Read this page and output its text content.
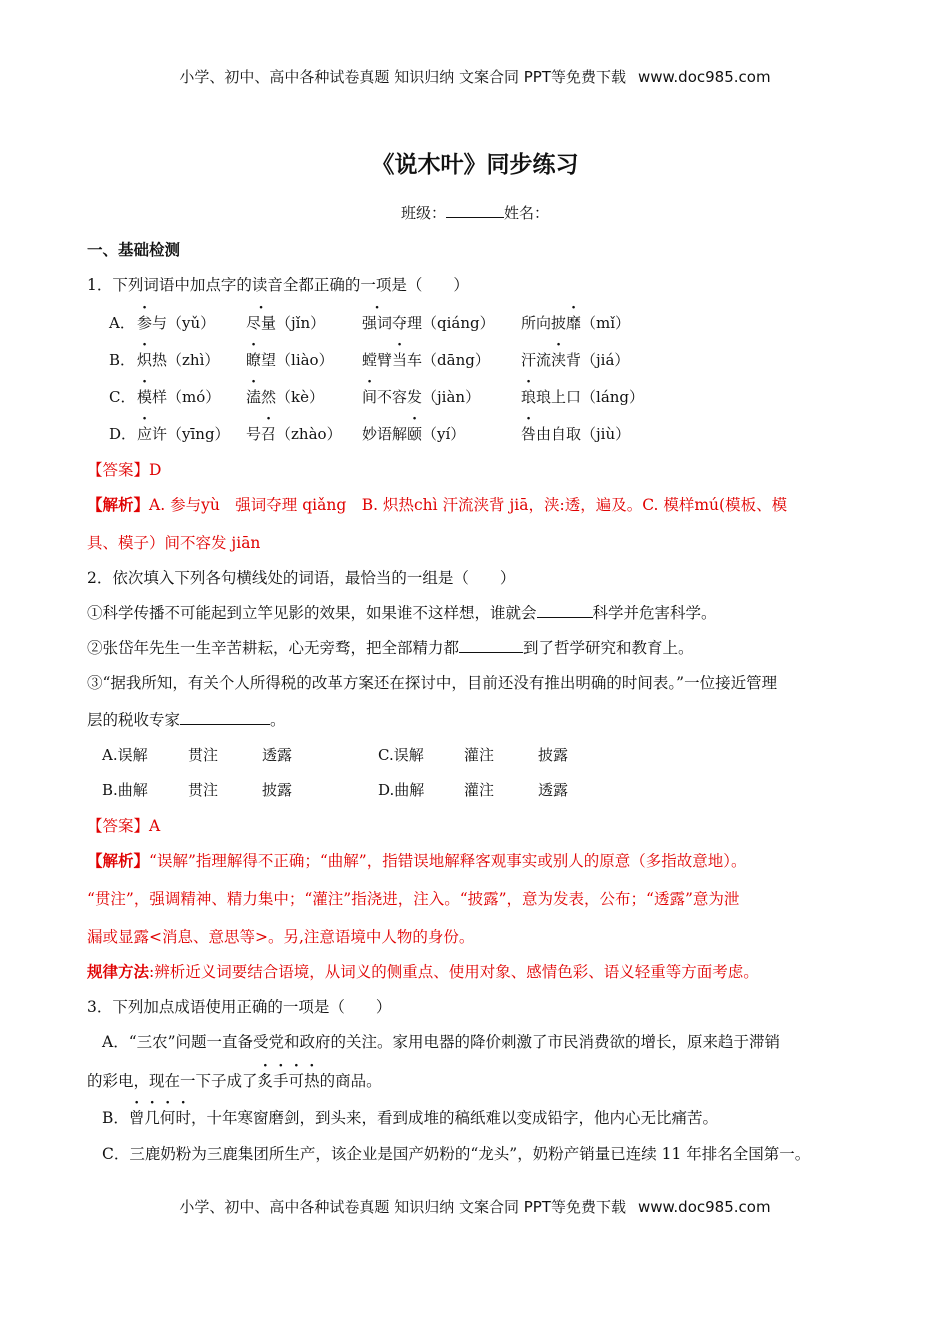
小学、初中、高中各种试卷真题 知识归纳 文案合同 PPT等免费下载 www.doc985.com
《说木叶》同步练习
班级：	姓名：
一、基础检测
1．下列词语中加点字的读音全都正确的一项是（　　）
A． 参与（yǔ） 尽量（jǐn） 强词夺理（qiáng） 所向披靡（mǐ）
B． 炽热（zhì） 瞭望（liào） 螳臂当车（dāng） 汗流浃背（jiá）
C． 模样（mó） 溘然（kè）	间不容发（jiàn）	琅琅上口（láng）
D． 应许（yīng） 号召（zhào） 妙语解颐（yí）	咎由自取（jiù）
【答案】D
【解析】A. 参与yù　强词夺理 qiǎng　B. 炽热chì 汗流浃背 jiā，浃:透，遍及。C. 模样mú(模板、模
具、模子）间不容发 jiān
2．依次填入下列各句横线处的词语，最恰当的一组是（　　）
①科学传播不可能起到立竿见影的效果，如果谁不这样想，谁就会	科学并危害科学。
②张岱年先生一生辛苦耕耘，心无旁骛，把全部精力都	到了哲学研究和教育上。
③“据我所知，有关个人所得税的改革方案还在探讨中，目前还没有推出明确的时间表。”一位接近管理
层的税收专家	。
A.误解	贯注	透露
B.曲解	贯注	披露
C.误解	灌注	披露
D.曲解	灌注	透露
【答案】A
【解析】“误解”指理解得不正确；“曲解”，指错误地解释客观事实或别人的原意（多指故意地）。
“贯注”，强调精神、精力集中；“灌注”指浇进，注入。“披露”，意为发表，公布；“透露”意为泄
漏或显露<消息、意思等>。另,注意语境中人物的身份。
规律方法:辨析近义词要结合语境，从词义的侧重点、使用对象、感情色彩、语义轻重等方面考虑。
3．下列加点成语使用正确的一项是（　　）
A．“三农”问题一直备受党和政府的关注。家用电器的降价刺激了市民消费欲的增长，原来趋于滞销
的彩电，现在一下子成了炙手可热的商品。
B．曾几何时，十年寒窗磨剑，到头来，看到成堆的稿纸难以变成铅字，他内心无比痛苦。
C．三鹿奶粉为三鹿集团所生产，该企业是国产奶粉的“龙头”，奶粉产销量已连续 11 年排名全国第一。
小学、初中、高中各种试卷真题 知识归纳 文案合同 PPT等免费下载 www.doc985.com
